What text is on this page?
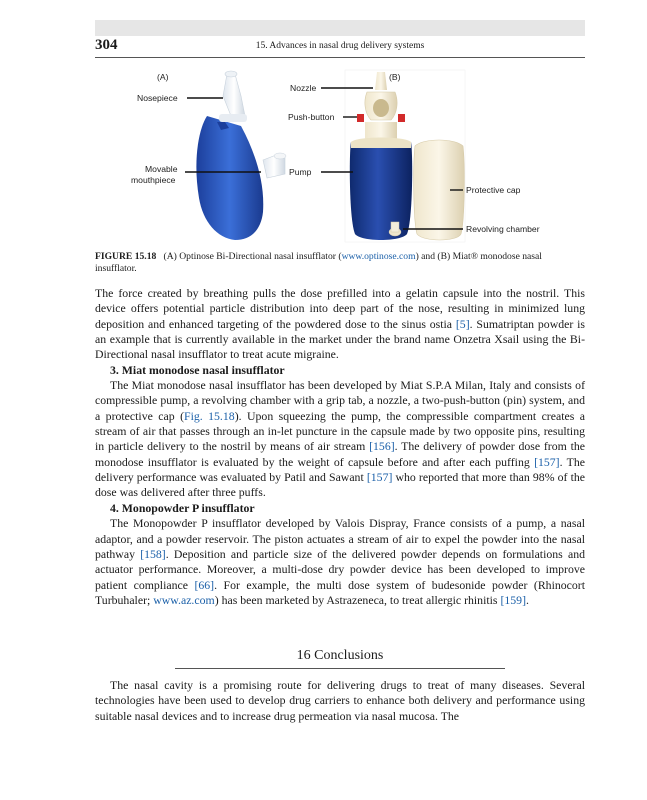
304	15. Advances in nasal drug delivery systems
(A)
Nosepiece
Movable
mouthpiece
(B)
Nozzle
Push-button
Pump
Protective cap
Revolving chamber
FIGURE 15.18 (A) Optinose Bi-Directional nasal insufflator (www.optinose.com) and (B) Miat® monodose nasal insufflator.

The force created by breathing pulls the dose prefilled into a gelatin capsule into the nostril. This device offers potential particle distribution into deep part of the nose, resulting in minimized lung deposition and enhanced targeting of the powdered dose to the sinus ostia [5]. Sumatriptan powder is an example that is currently available in the market under the brand name Onzetra Xsail using the Bi-Directional nasal insufflator to treat acute migraine.

3. Miat monodose nasal insufflator

The Miat monodose nasal insufflator has been developed by Miat S.P.A Milan, Italy and consists of compressible pump, a revolving chamber with a grip tab, a nozzle, a two-push-button (pin) system, and a protective cap (Fig. 15.18). Upon squeezing the pump, the compressible compartment creates a stream of air that passes through an in-let puncture in the capsule made by two opposite pins, resulting in particle delivery to the nostril by means of air stream [156]. The delivery of powder dose from the monodose insufflator is evaluated by the weight of capsule before and after each puffing [157]. The delivery performance was evaluated by Patil and Sawant [157] who reported that more than 98% of the dose was delivered after three puffs.

4. Monopowder P insufflator

The Monopowder P insufflator developed by Valois Dispray, France consists of a pump, a nasal adaptor, and a powder reservoir. The piston actuates a stream of air to expel the powder into the nasal pathway [158]. Deposition and particle size of the delivered powder depends on formulations and actuator performance. Moreover, a multi-dose dry powder device has been developed to improve patient compliance [66]. For example, the multi dose system of budesonide powder (Rhinocort Turbuhaler; www.az.com) has been marketed by Astrazeneca, to treat allergic rhinitis [159].

16 Conclusions

The nasal cavity is a promising route for delivering drugs to treat of many diseases. Several technologies have been used to develop drug carriers to enhance both delivery and performance using suitable nasal devices and to increase drug permeation via nasal mucosa. The
